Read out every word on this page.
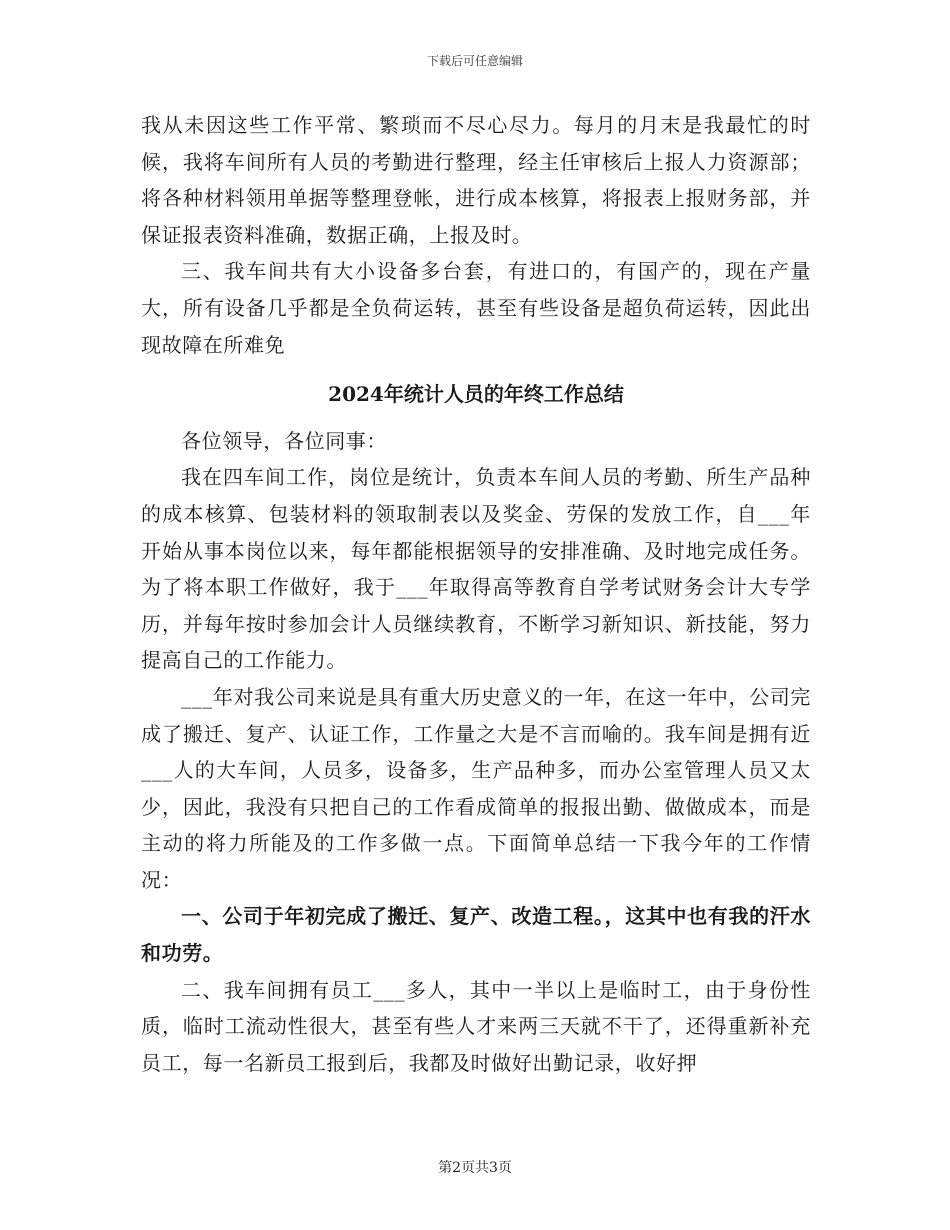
下载后可任意编辑

我从未因这些工作平常、繁琐而不尽心尽力。每月的月末是我最忙的时候，我将车间所有人员的考勤进行整理，经主任审核后上报人力资源部；将各种材料领用单据等整理登帐，进行成本核算，将报表上报财务部，并保证报表资料准确，数据正确，上报及时。

三、我车间共有大小设备多台套，有进口的，有国产的，现在产量大，所有设备几乎都是全负荷运转，甚至有些设备是超负荷运转，因此出现故障在所难免

2024年统计人员的年终工作总结

各位领导，各位同事：

我在四车间工作，岗位是统计，负责本车间人员的考勤、所生产品种的成本核算、包装材料的领取制表以及奖金、劳保的发放工作，自___年开始从事本岗位以来，每年都能根据领导的安排准确、及时地完成任务。为了将本职工作做好，我于___年取得高等教育自学考试财务会计大专学历，并每年按时参加会计人员继续教育，不断学习新知识、新技能，努力提高自己的工作能力。

___年对我公司来说是具有重大历史意义的一年，在这一年中，公司完成了搬迁、复产、认证工作，工作量之大是不言而喻的。我车间是拥有近___人的大车间，人员多，设备多，生产品种多，而办公室管理人员又太少，因此，我没有只把自己的工作看成简单的报报出勤、做做成本，而是主动的将力所能及的工作多做一点。下面简单总结一下我今年的工作情况：

一、公司于年初完成了搬迁、复产、改造工程。，这其中也有我的汗水和功劳。

二、我车间拥有员工___多人，其中一半以上是临时工，由于身份性质，临时工流动性很大，甚至有些人才来两三天就不干了，还得重新补充员工，每一名新员工报到后，我都及时做好出勤记录，收好押

第2页共3页
